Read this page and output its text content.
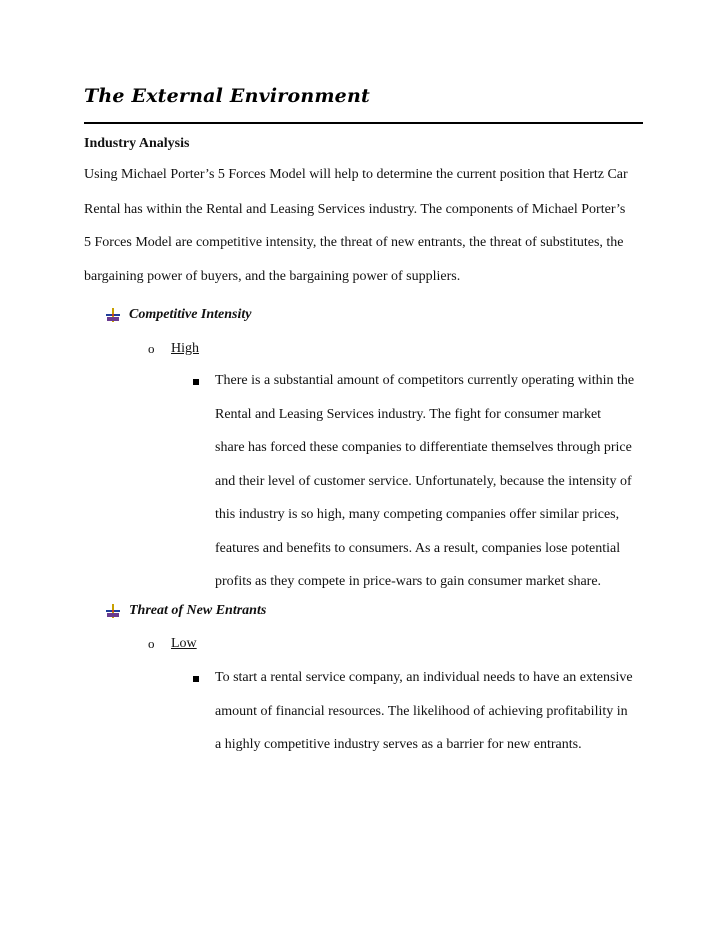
The External Environment
Industry Analysis
Using Michael Porter’s 5 Forces Model will help to determine the current position that Hertz Car
Rental has within the Rental and Leasing Services industry. The components of Michael Porter’s
5 Forces Model are competitive intensity, the threat of new entrants, the threat of substitutes, the
bargaining power of buyers, and the bargaining power of suppliers.
Competitive Intensity
o	High
There is a substantial amount of competitors currently operating within the
Rental and Leasing Services industry. The fight for consumer market
share has forced these companies to differentiate themselves through price
and their level of customer service. Unfortunately, because the intensity of
this industry is so high, many competing companies offer similar prices,
features and benefits to consumers. As a result, companies lose potential
profits as they compete in price-wars to gain consumer market share.
Threat of New Entrants
o	Low
To start a rental service company, an individual needs to have an extensive
amount of financial resources. The likelihood of achieving profitability in
a highly competitive industry serves as a barrier for new entrants.
